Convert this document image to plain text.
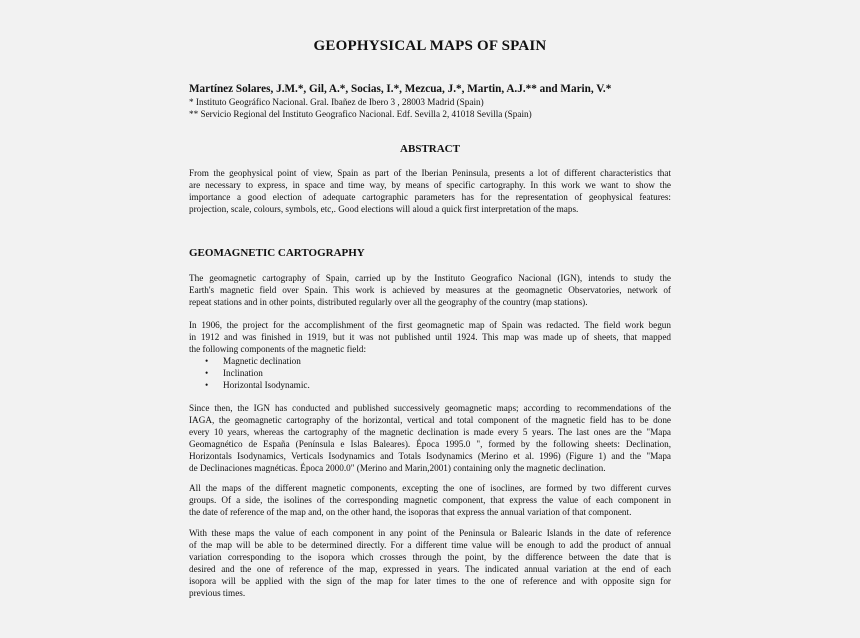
GEOPHYSICAL MAPS OF SPAIN
Martínez Solares, J.M.*, Gil, A.*, Socias, I.*, Mezcua, J.*, Martin, A.J.** and Marin, V.*
* Instituto Geográfico Nacional. Gral. Ibañez de Ibero 3 , 28003 Madrid (Spain)
** Servicio Regional del Instituto Geografico Nacional. Edf. Sevilla 2, 41018 Sevilla (Spain)
ABSTRACT
From the geophysical point of view, Spain as part of the Iberian Peninsula, presents a lot of different characteristics that
are necessary to express, in space and time way, by means of specific cartography. In this work we want to show the
importance a good election of adequate cartographic parameters has for the representation of geophysical features:
projection, scale, colours, symbols, etc,. Good elections will aloud a quick first interpretation of the maps.
GEOMAGNETIC CARTOGRAPHY
The geomagnetic cartography of Spain, carried up by the Instituto Geografico Nacional (IGN), intends to study the
Earth's magnetic field over Spain. This work is achieved by measures at the geomagnetic Observatories, network of
repeat stations and in other points, distributed regularly over all the geography of the country (map stations).
In 1906, the project for the accomplishment of the first geomagnetic map of Spain was redacted. The field work begun
in 1912 and was finished in 1919, but it was not published until 1924. This map was made up of sheets, that mapped
the following components of the magnetic field:
• Magnetic declination
• Inclination
• Horizontal Isodynamic.
Since then, the IGN has conducted and published successively geomagnetic maps; according to recommendations of the
IAGA, the geomagnetic cartography of the horizontal, vertical and total component of the magnetic field has to be done
every 10 years, whereas the cartography of the magnetic declination is made every 5 years. The last ones are the "Mapa
Geomagnético de España (Península e Islas Baleares). Época 1995.0 ", formed by the following sheets: Declination,
Horizontals Isodynamics, Verticals Isodynamics and Totals Isodynamics (Merino et al. 1996) (Figure 1) and the "Mapa
de Declinaciones magnéticas. Época 2000.0" (Merino and Marin,2001) containing only the magnetic declination.
All the maps of the different magnetic components, excepting the one of isoclines, are formed by two different curves
groups. Of a side, the isolines of the corresponding magnetic component, that express the value of each component in
the date of reference of the map and, on the other hand, the isoporas that express the annual variation of that component.
With these maps the value of each component in any point of the Peninsula or Balearic Islands in the date of reference
of the map will be able to be determined directly. For a different time value will be enough to add the product of annual
variation corresponding to the isopora which crosses through the point, by the difference between the date that is
desired and the one of reference of the map, expressed in years. The indicated annual variation at the end of each
isopora will be applied with the sign of the map for later times to the one of reference and with opposite sign for
previous times.
